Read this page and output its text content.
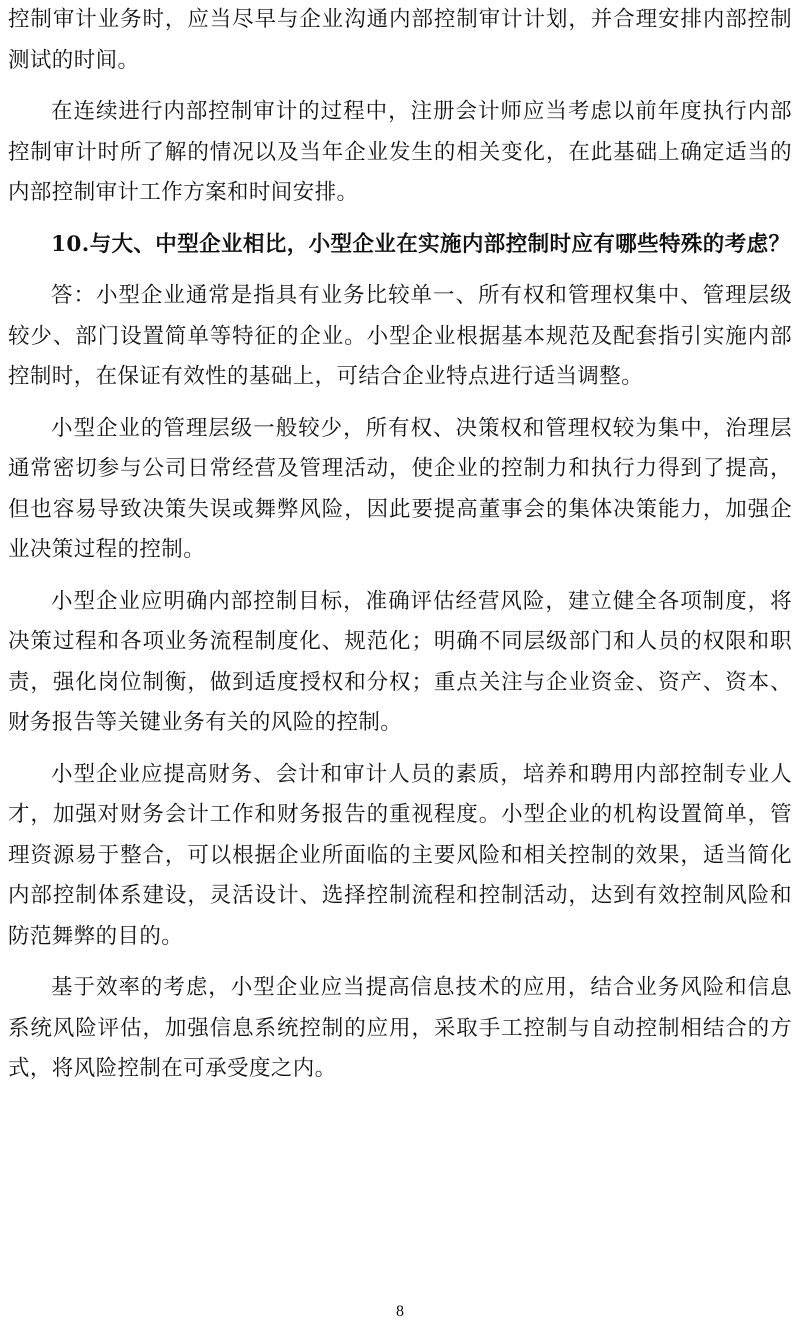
控制审计业务时，应当尽早与企业沟通内部控制审计计划，并合理安排内部控制测试的时间。

在连续进行内部控制审计的过程中，注册会计师应当考虑以前年度执行内部控制审计时所了解的情况以及当年企业发生的相关变化，在此基础上确定适当的内部控制审计工作方案和时间安排。

10.与大、中型企业相比，小型企业在实施内部控制时应有哪些特殊的考虑？

答：小型企业通常是指具有业务比较单一、所有权和管理权集中、管理层级较少、部门设置简单等特征的企业。小型企业根据基本规范及配套指引实施内部控制时，在保证有效性的基础上，可结合企业特点进行适当调整。

小型企业的管理层级一般较少，所有权、决策权和管理权较为集中，治理层通常密切参与公司日常经营及管理活动，使企业的控制力和执行力得到了提高，但也容易导致决策失误或舞弊风险，因此要提高董事会的集体决策能力，加强企业决策过程的控制。

小型企业应明确内部控制目标，准确评估经营风险，建立健全各项制度，将决策过程和各项业务流程制度化、规范化；明确不同层级部门和人员的权限和职责，强化岗位制衡，做到适度授权和分权；重点关注与企业资金、资产、资本、财务报告等关键业务有关的风险的控制。

小型企业应提高财务、会计和审计人员的素质，培养和聘用内部控制专业人才，加强对财务会计工作和财务报告的重视程度。小型企业的机构设置简单，管理资源易于整合，可以根据企业所面临的主要风险和相关控制的效果，适当简化内部控制体系建设，灵活设计、选择控制流程和控制活动，达到有效控制风险和防范舞弊的目的。

基于效率的考虑，小型企业应当提高信息技术的应用，结合业务风险和信息系统风险评估，加强信息系统控制的应用，采取手工控制与自动控制相结合的方式，将风险控制在可承受度之内。

8
